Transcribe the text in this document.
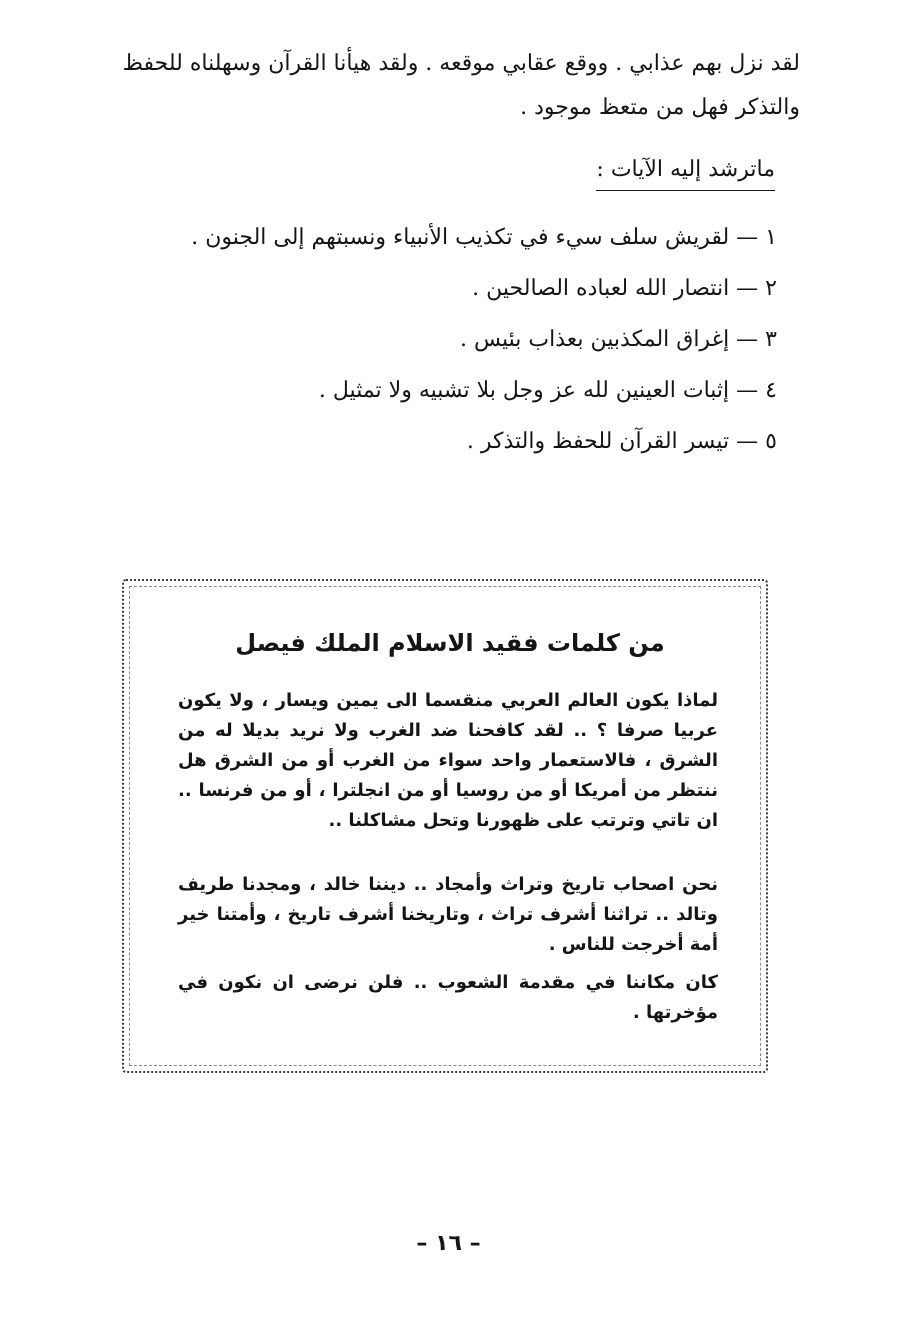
لقد نزل بهم عذابي . ووقع عقابي موقعه . ولقد هيأنا القرآن وسهلناه للحفظ
والتذكر فهل من متعظ موجود .
ماترشد إليه الآيات :
١ — لقريش سلف سيء في تكذيب الأنبياء ونسبتهم إلى الجنون .
٢ — انتصار الله لعباده الصالحين .
٣ — إغراق المكذبين بعذاب بئيس .
٤ — إثبات العينين لله عز وجل بلا تشبيه ولا تمثيل .
٥ — تيسر القرآن للحفظ والتذكر .
من كلمات فقيد الاسلام الملك فيصل
لماذا يكون العالم العربي منقسما الى يمين ويسار ، ولا يكون عربيا صرفا ؟ .. لقد كافحنا ضد الغرب ولا نريد بديلا له من الشرق ، فالاستعمار واحد سواء من الغرب أو من الشرق هل ننتظر من أمريكا أو من روسيا أو من انجلترا ، أو من فرنسا .. ان تاتي وترتب على ظهورنا وتحل مشاكلنا ..
نحن اصحاب تاريخ وتراث وأمجاد .. ديننا خالد ، ومجدنا طريف وتالد .. تراثنا أشرف تراث ، وتاريخنا أشرف تاريخ ، وأمتنا خير أمة أخرجت للناس .
كان مكاننا في مقدمة الشعوب .. فلن نرضى ان نكون في مؤخرتها .
– ١٦ –
